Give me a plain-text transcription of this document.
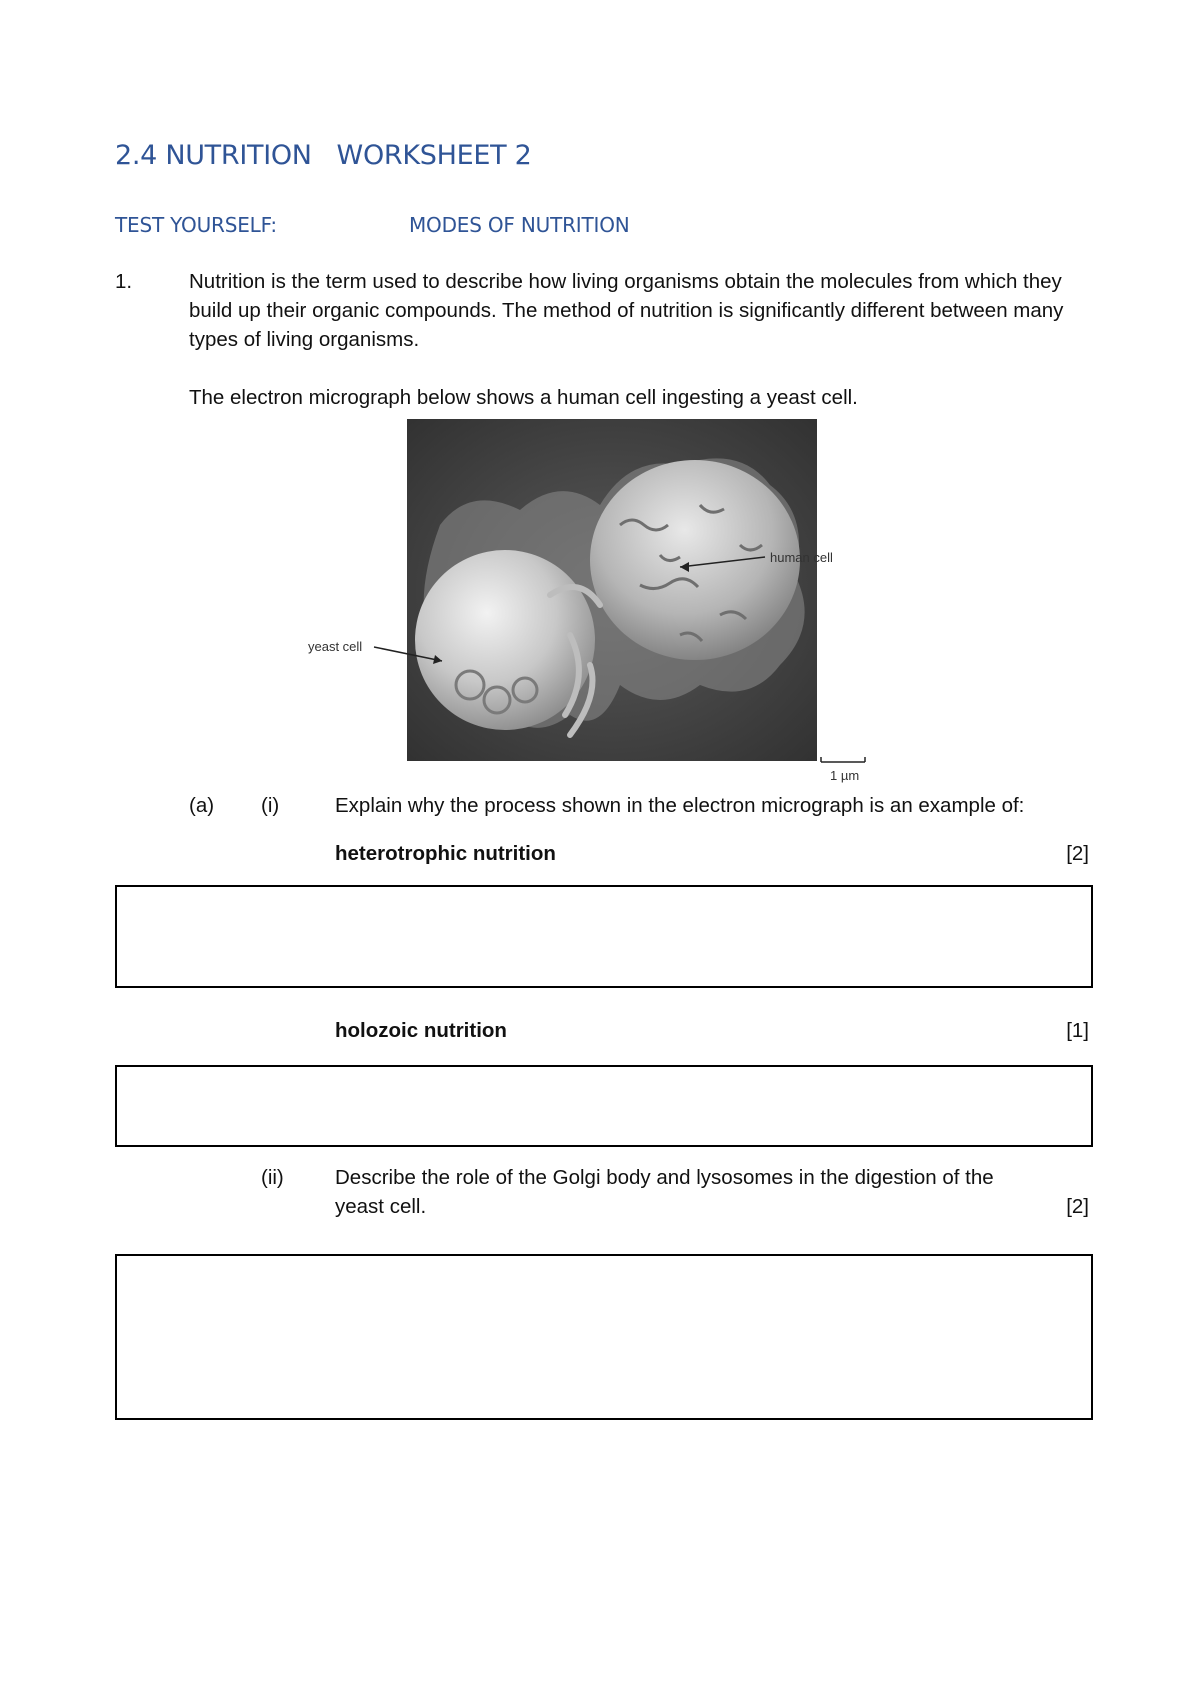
2.4 NUTRITION   WORKSHEET 2
TEST YOURSELF:	MODES OF NUTRITION
1.	Nutrition is the term used to describe how living organisms obtain the molecules from which they build up their organic compounds. The method of nutrition is significantly different between many types of living organisms.
The electron micrograph below shows a human cell ingesting a yeast cell.
human cell
yeast cell
1 µm
(a) (i)	Explain why the process shown in the electron micrograph is an example of:
heterotrophic nutrition	[2]
holozoic nutrition	[1]
(ii) Describe the role of the Golgi body and lysosomes in the digestion of the
yeast cell.	[2]
